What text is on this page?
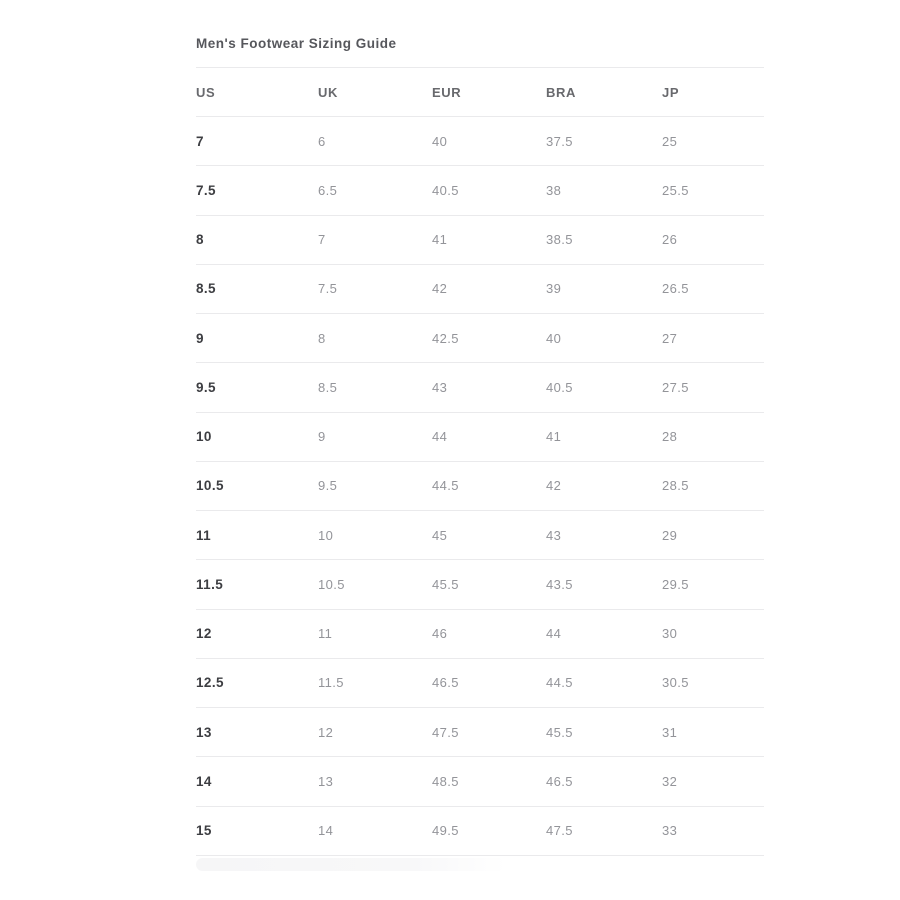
Men's Footwear Sizing Guide
US	UK	EUR	BRA	JP
7	6	40	37.5	25
7.5	6.5	40.5	38	25.5
8	7	41	38.5	26
8.5	7.5	42	39	26.5
9	8	42.5	40	27
9.5	8.5	43	40.5	27.5
10	9	44	41	28
10.5	9.5	44.5	42	28.5
11	10	45	43	29
11.5	10.5	45.5	43.5	29.5
12	11	46	44	30
12.5	11.5	46.5	44.5	30.5
13	12	47.5	45.5	31
14	13	48.5	46.5	32
15	14	49.5	47.5	33
